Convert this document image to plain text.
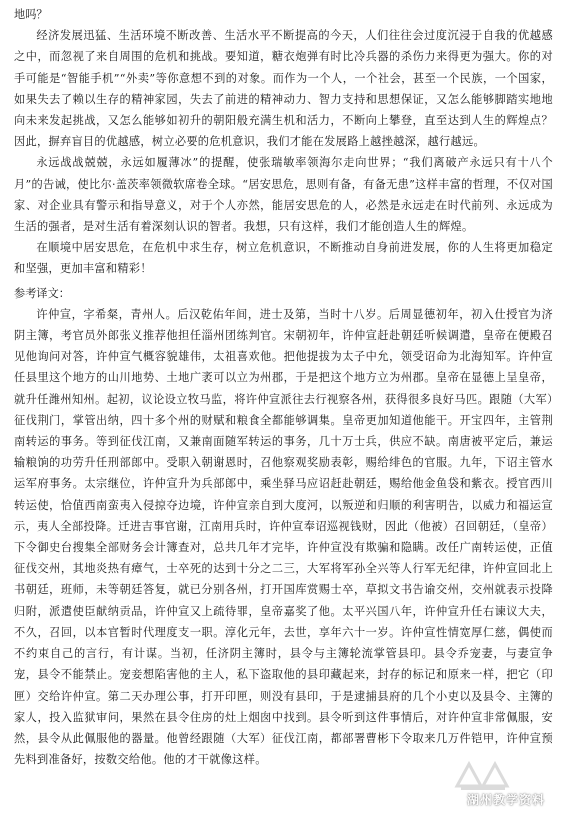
地吗？

经济发展迅猛、生活环境不断改善、生活水平不断提高的今天，人们往往会过度沉浸于自我的优越感之中，而忽视了来自周围的危机和挑战。要知道，糖衣炮弹有时比冷兵器的杀伤力来得更为强大。你的对手可能是“智能手机”“外卖”等你意想不到的对象。而作为一个人，一个社会，甚至一个民族，一个国家，如果失去了赖以生存的精神家园，失去了前进的精神动力、智力支持和思想保证，又怎么能够脚踏实地地向未来发起挑战，又怎么能够如初升的朝阳般充满生机和活力，不断向上攀登，直至达到人生的辉煌点？因此，摒弃盲目的优越感，树立必要的危机意识，我们才能在发展路上越挫越深，越行越远。

永远战战兢兢，永远如履薄冰”的提醒，使张瑞敏率领海尔走向世界；“我们离破产永远只有十八个月”的告诫，使比尔·盖茨率领微软席卷全球。“居安思危，思则有备，有备无患”这样丰富的哲理，不仅对国家、对企业具有警示和指导意义，对于个人亦然，能居安思危的人，必然是永远走在时代前列、永远成为生活的强者，是对生活有着深刻认识的智者。我想，只有这样，我们才能创造人生的辉煌。

在顺境中居安思危，在危机中求生存，树立危机意识，不断推动自身前进发展，你的人生将更加稳定和坚强，更加丰富和精彩！

参考译文：

许仲宣，字希粲，青州人。后汉乾佑年间，进士及第，当时十八岁。后周显德初年，初入仕授官为济阴主簿，考官员外郎张义推荐他担任淄州团练判官。宋朝初年，许仲宣赶赴朝廷听候调遣，皇帝在便殿召见他询问对答，许仲宣气概容貌雄伟，太祖喜欢他。把他提拔为太子中允，领受诏命为北海知军。许仲宣任县里这个地方的山川地势、土地广袤可以立为州郡，于是把这个地方立为州郡。皇帝在显德上呈皇帝，就升任潍州知州。起初，议论设立牧马监，将许仲宣派往去行视察各州，获得很多良好马匹。跟随（大军）征伐荆门，掌管出纳，四十多个州的财赋和粮食全都能够调集。皇帝更加知道他能干。开宝四年，主管荆南转运的事务。等到征伐江南，又兼南面随军转运的事务，几十万士兵，供应不缺。南唐被平定后，兼运输粮饷的功劳升任刑部郎中。受职入朝谢恩时，召他察观奖励表彰，赐给绯色的官服。九年，下诏主管水运军府事务。太宗继位，许仲宣升为兵部郎中，乘坐驿马应诏赶赴朝廷，赐给他金鱼袋和紫衣。授官西川转运使，恰值西南蛮夷入侵掠夺边境，许仲宣亲自到大度河，以叛逆和归顺的利害明告，以威力和福运宣示，夷人全部投降。迁进吉事官谢，江南用兵时，许仲宣奉诏巡视钱财，因此（他被）召回朝廷，（皇帝）下令御史台搜集全部财务会计簿查对，总共几年才完毕，许仲宣没有欺骗和隐瞒。改任广南转运使，正值征伐交州，其地炎热有瘴气，士卒死的达到十分之二三，大军将军孙全兴等人行军无纪律，许仲宣回北上书朝廷，班师，未等朝廷答复，就已分别各州，打开国库赏赐士卒，草拟文书告谕交州，交州就表示投降归附，派遣使臣献纳贡品，许仲宣又上疏待罪，皇帝嘉奖了他。太平兴国八年，许仲宣升任右谏议大夫，不久，召回，以本官暂时代理度支一职。淳化元年，去世，享年六十一岁。许仲宣性情宽厚仁慈，偶使而不约束自己的言行，有计谋。当初，任济阴主簿时，县令与主簿轮流掌管县印。县令乔宠妻，与妻宣争宠，县令不能禁止。宠妾想陷害他的主人，私下盗取他的县印藏起来，封存的标记和原来一样，把它（印匣）交给许仲宣。第二天办理公事，打开印匣，则没有县印，于是逮捕县府的几个小吏以及县令、主簿的家人，投入监狱审问，果然在县令住房的灶上烟囱中找到。县令听到这件事情后，对许仲宣非常佩服，安然，县令从此佩服他的器量。他曾经跟随（大军）征伐江南，都部署曹彬下令取来几万件铠甲，许仲宣预先料到准备好，按数交给他。他的才干就像这样。

湖州教学资料
